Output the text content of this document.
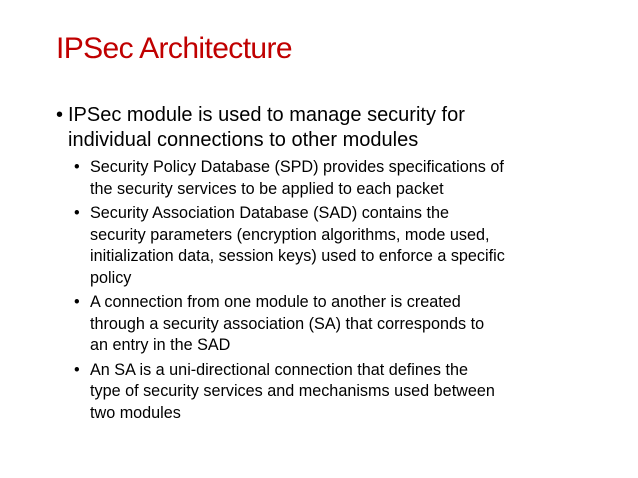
IPSec Architecture
• IPSec module is used to manage security for
individual connections to other modules
• Security Policy Database (SPD) provides specifications of
the security services to be applied to each packet
• Security Association Database (SAD) contains the
security parameters (encryption algorithms, mode used,
initialization data, session keys) used to enforce a specific
policy
• A connection from one module to another is created
through a security association (SA) that corresponds to
an entry in the SAD
• An SA is a uni-directional connection that defines the
type of security services and mechanisms used between
two modules
